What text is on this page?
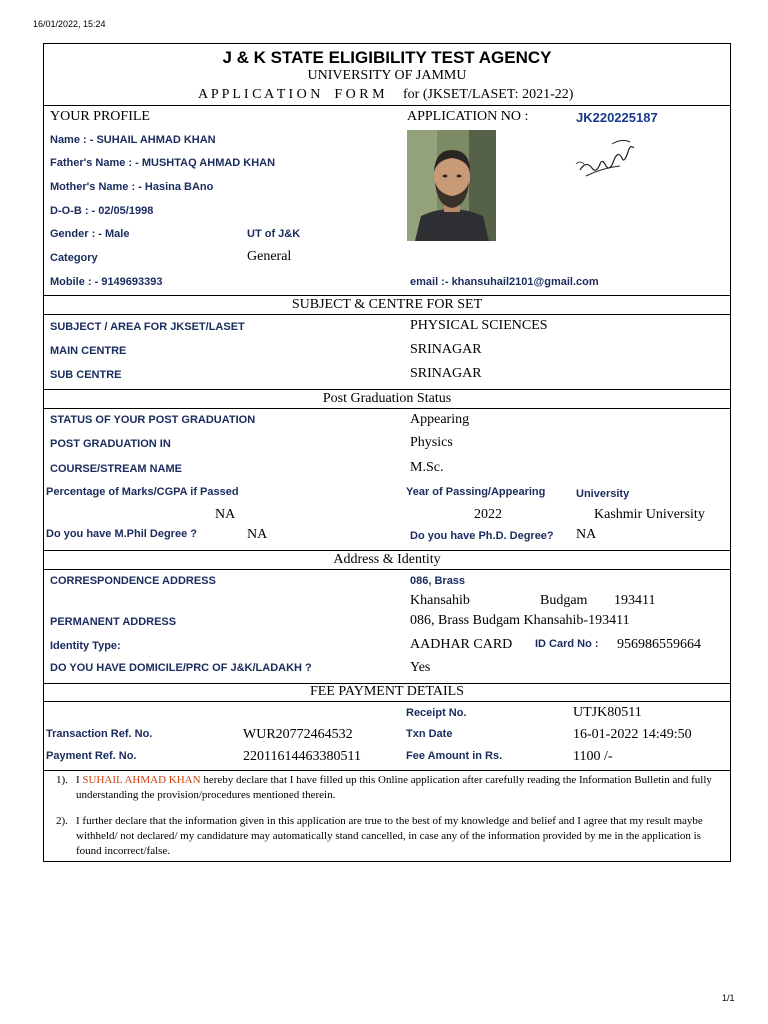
16/01/2022, 15:24
1/1
J & K STATE ELIGIBILITY TEST AGENCY
UNIVERSITY OF JAMMU
A P P L I C A T I O N    F O R M for (JKSET/LASET: 2021-22)
YOUR PROFILE	APPLICATION NO :	JK220225187
Name : - SUHAIL AHMAD KHAN
Father's Name : - MUSHTAQ AHMAD KHAN
Mother's Name : - Hasina BAno
D-O-B : - 02/05/1998
Gender : - Male	UT of J&K
Category	General
Mobile : - 9149693393	email :- khansuhail2101@gmail.com
SUBJECT & CENTRE FOR SET
SUBJECT / AREA FOR JKSET/LASET	PHYSICAL SCIENCES
MAIN CENTRE	SRINAGAR
SUB CENTRE	SRINAGAR
Post Graduation Status
STATUS OF YOUR POST GRADUATION	Appearing
POST GRADUATION IN	Physics
COURSE/STREAM NAME	M.Sc.
Percentage of Marks/CGPA if Passed	Year of Passing/Appearing	University
NA	2022	Kashmir University
Do you have M.Phil Degree ?	NA	Do you have Ph.D. Degree? NA
Address & Identity
CORRESPONDENCE ADDRESS	086, Brass
Khansahib	Budgam 193411
PERMANENT ADDRESS	086, Brass Budgam Khansahib-193411
Identity Type:	AADHAR CARD ID Card No : 956986559664
DO YOU HAVE DOMICILE/PRC OF J&K/LADAKH ?	Yes
FEE PAYMENT DETAILS
Receipt No.	UTJK80511
Transaction Ref. No.	WUR20772464532	Txn Date	16-01-2022 14:49:50
Payment Ref. No.	22011614463380511	Fee Amount in Rs.	1100 /-
1). I SUHAIL AHMAD KHAN hereby declare that I have filled up this Online application after carefully reading the Information Bulletin and fully understanding the provision/procedures mentioned therein.
2). I further declare that the information given in this application are true to the best of my knowledge and belief and I agree that my result maybe withheld/ not declared/ my candidature may automatically stand cancelled, in case any of the information provided by me in the application is found incorrect/false.
